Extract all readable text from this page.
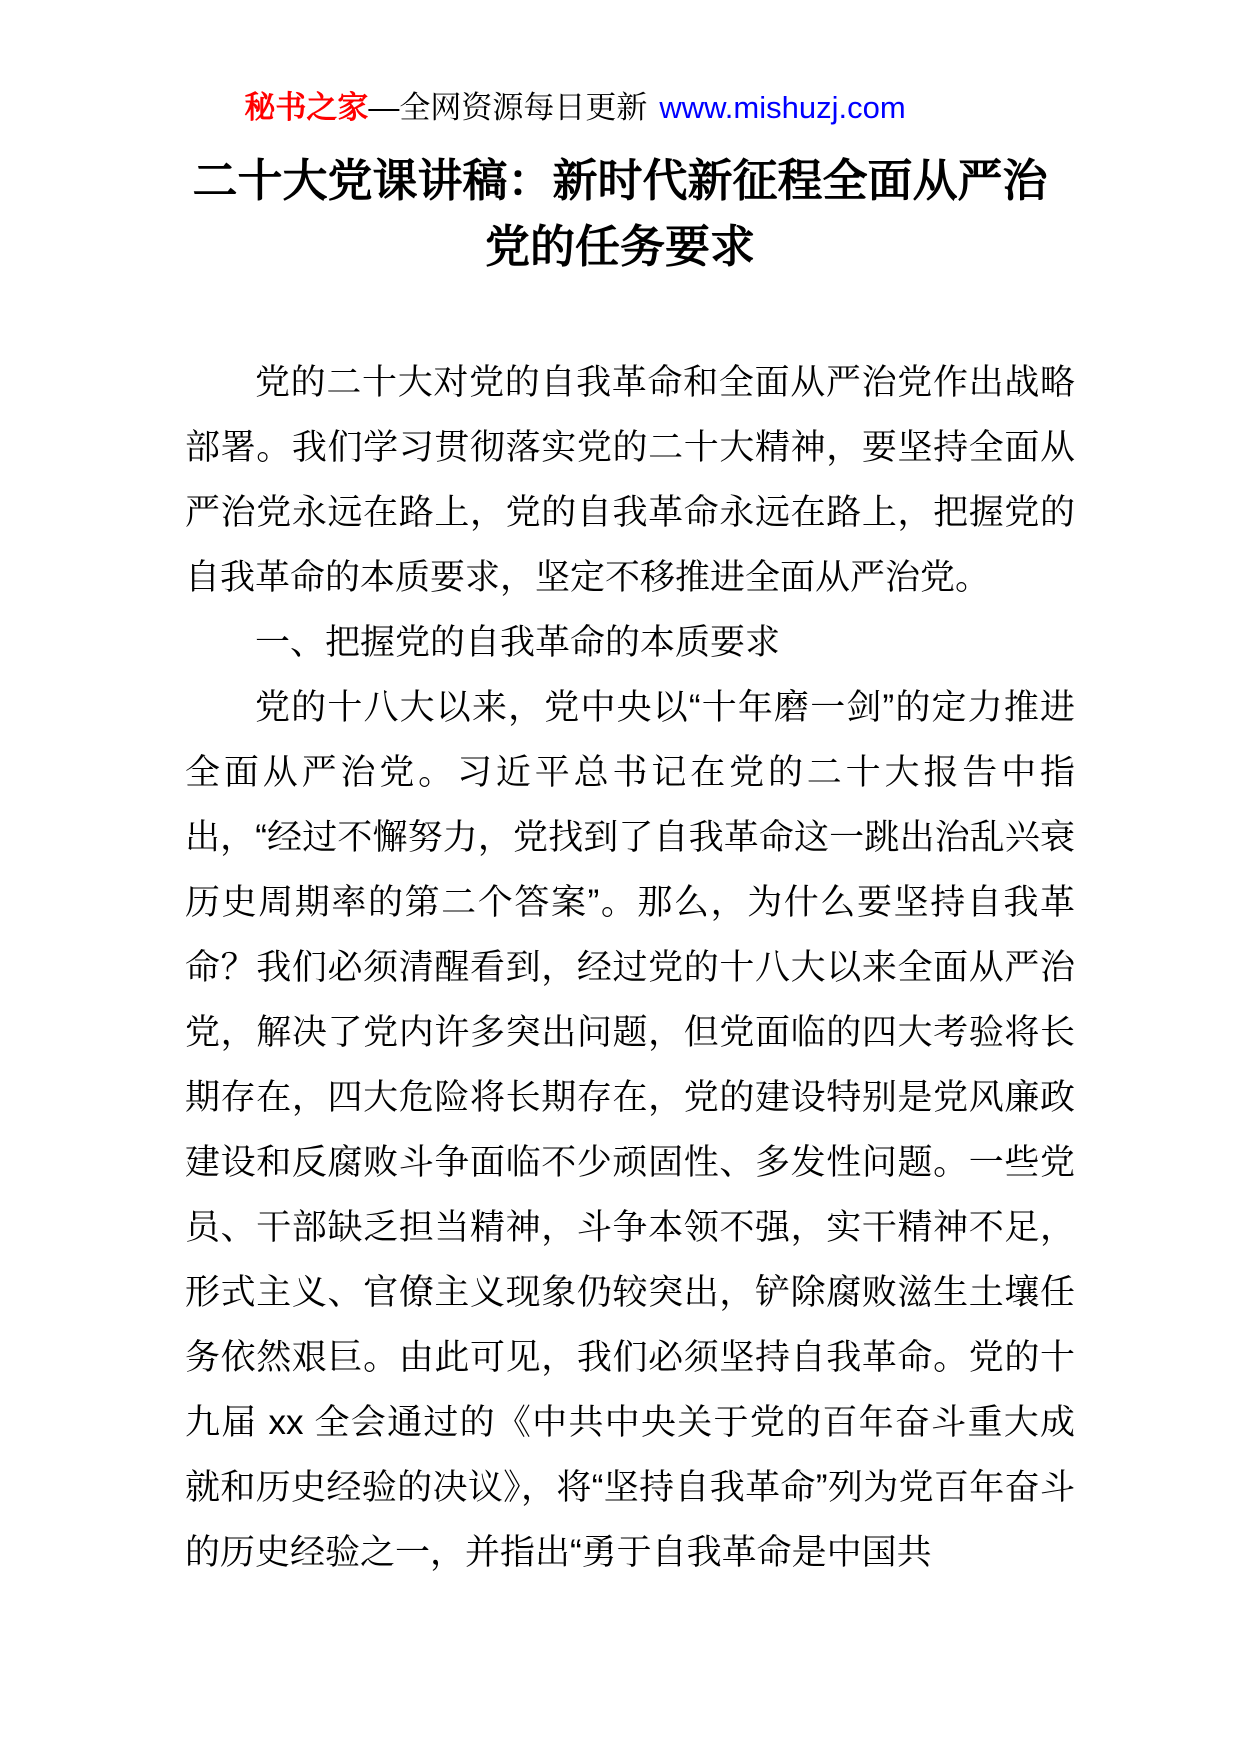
秘书之家—全网资源每日更新 www.mishuzj.com
二十大党课讲稿：新时代新征程全面从严治党的任务要求

党的二十大对党的自我革命和全面从严治党作出战略部署。我们学习贯彻落实党的二十大精神，要坚持全面从严治党永远在路上，党的自我革命永远在路上，把握党的自我革命的本质要求，坚定不移推进全面从严治党。

一、把握党的自我革命的本质要求

党的十八大以来，党中央以“十年磨一剑”的定力推进全面从严治党。习近平总书记在党的二十大报告中指出，“经过不懈努力，党找到了自我革命这一跳出治乱兴衰历史周期率的第二个答案”。那么，为什么要坚持自我革命？我们必须清醒看到，经过党的十八大以来全面从严治党，解决了党内许多突出问题，但党面临的四大考验将长期存在，四大危险将长期存在，党的建设特别是党风廉政建设和反腐败斗争面临不少顽固性、多发性问题。一些党员、干部缺乏担当精神，斗争本领不强，实干精神不足，形式主义、官僚主义现象仍较突出，铲除腐败滋生土壤任务依然艰巨。由此可见，我们必须坚持自我革命。党的十九届 xx 全会通过的《中共中央关于党的百年奋斗重大成就和历史经验的决议》，将“坚持自我革命”列为党百年奋斗的历史经验之一，并指出“勇于自我革命是中国共
